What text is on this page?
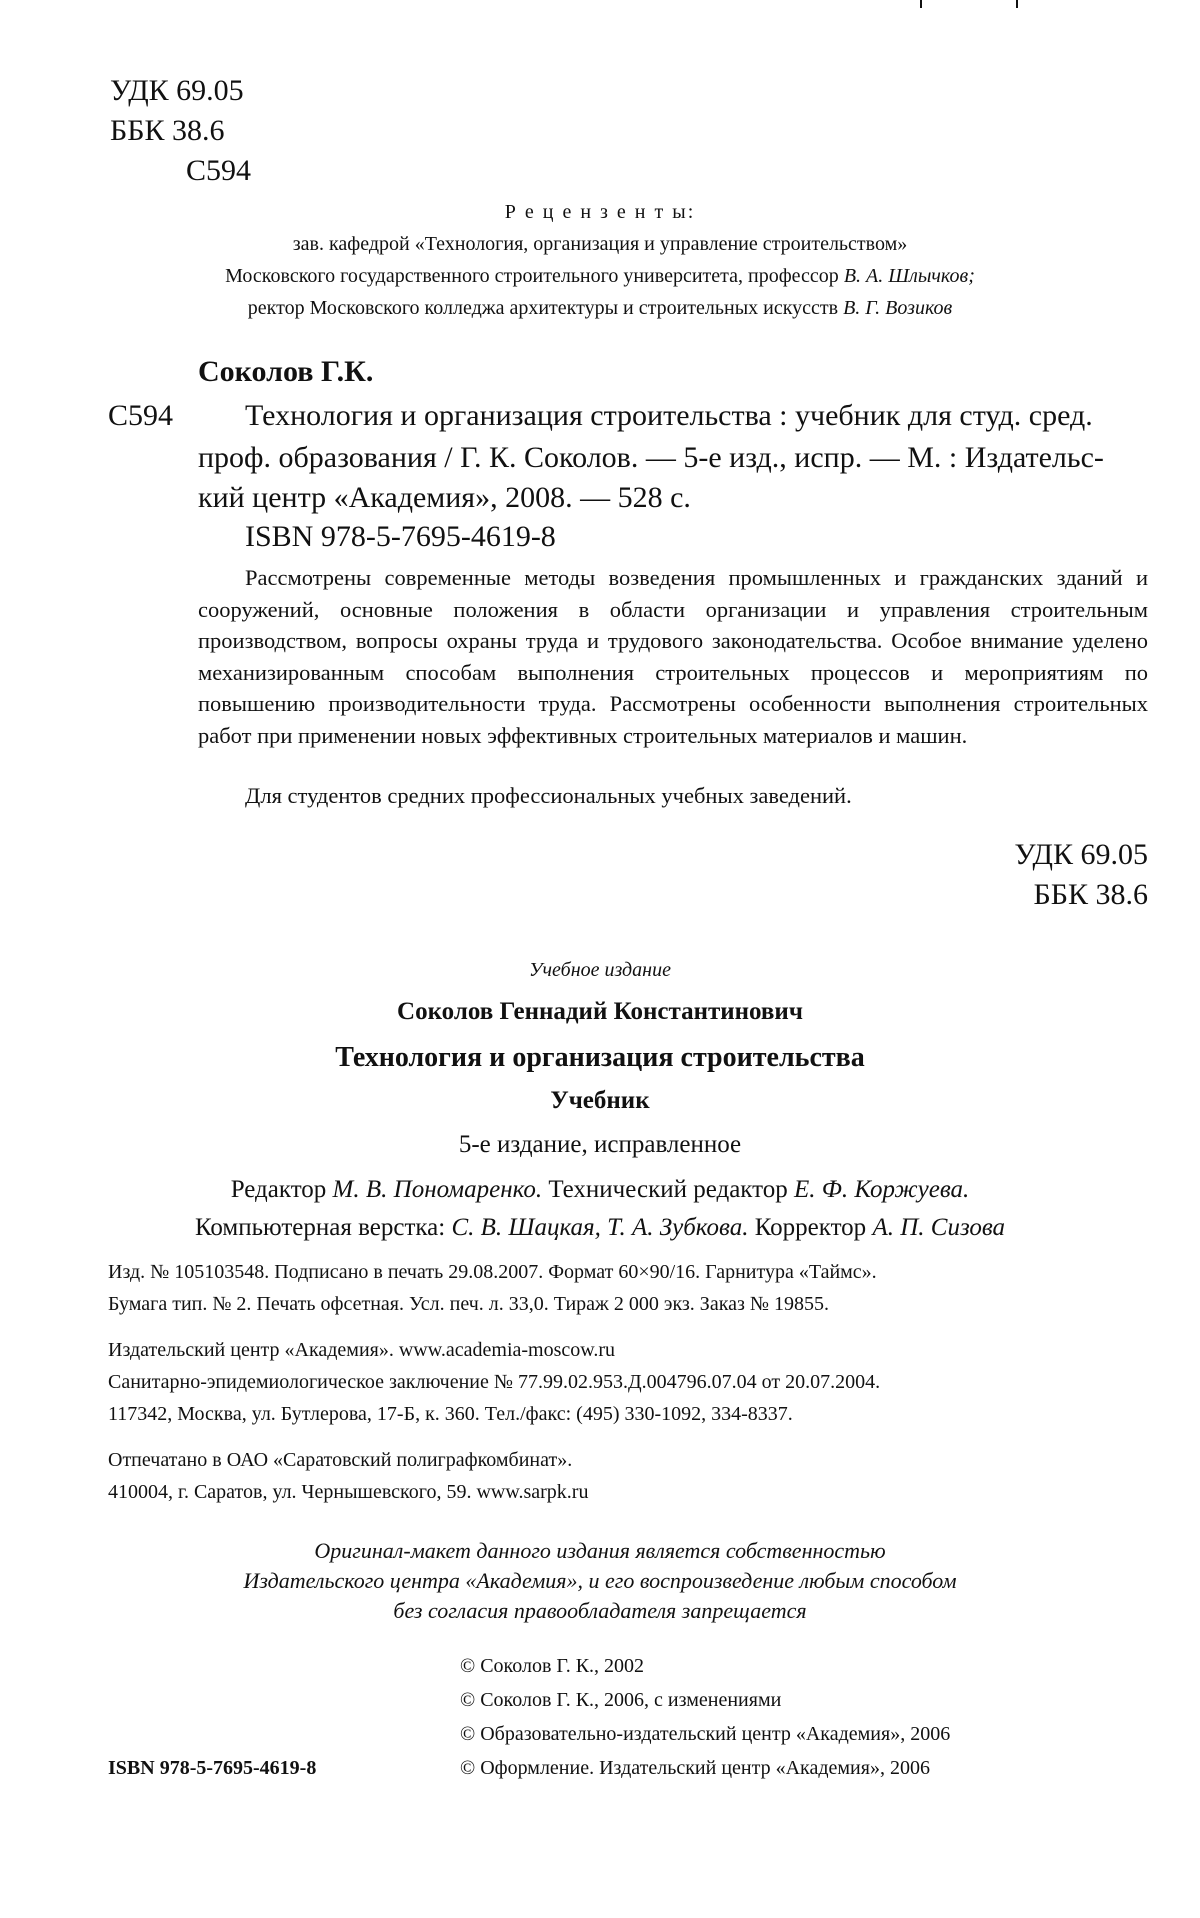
УДК 69.05
ББК 38.6
С594
Р е ц е н з е н т ы:
зав. кафедрой «Технология, организация и управление строительством»
Московского государственного строительного университета, профессор В. А. Шлычков;
ректор Московского колледжа архитектуры и строительных искусств В. Г. Возиков
Соколов Г.К.
С594 Технология и организация строительства : учебник для студ. сред.
проф. образования / Г. К. Соколов. — 5-е изд., испр. — М. : Издательс-
кий центр «Академия», 2008. — 528 с.
ISBN 978-5-7695-4619-8
Рассмотрены современные методы возведения промышленных и гражданских зданий и сооружений, основные положения в области организации и управления строительным производством, вопросы охраны труда и трудового законодательства. Особое внимание уделено механизированным способам выполнения строительных процессов и мероприятиям по повышению производительности труда. Рассмотрены особенности выполнения строительных работ при применении новых эффективных строительных материалов и машин.
Для студентов средних профессиональных учебных заведений.
УДК 69.05
ББК 38.6
Учебное издание
Соколов Геннадий Константинович
Технология и организация строительства
Учебник
5-е издание, исправленное
Редактор М. В. Пономаренко. Технический редактор Е. Ф. Коржуева.
Компьютерная верстка: С. В. Шацкая, Т. А. Зубкова. Корректор А. П. Сизова
Изд. № 105103548. Подписано в печать 29.08.2007. Формат 60×90/16. Гарнитура «Таймс».
Бумага тип. № 2. Печать офсетная. Усл. печ. л. 33,0. Тираж 2 000 экз. Заказ № 19855.
Издательский центр «Академия». www.academia-moscow.ru
Санитарно-эпидемиологическое заключение № 77.99.02.953.Д.004796.07.04 от 20.07.2004.
117342, Москва, ул. Бутлерова, 17-Б, к. 360. Тел./факс: (495) 330-1092, 334-8337.
Отпечатано в ОАО «Саратовский полиграфкомбинат».
410004, г. Саратов, ул. Чернышевского, 59. www.sarpk.ru
Оригинал-макет данного издания является собственностью
Издательского центра «Академия», и его воспроизведение любым способом
без согласия правообладателя запрещается
© Соколов Г. К., 2002
© Соколов Г. К., 2006, с изменениями
© Образовательно-издательский центр «Академия», 2006
© Оформление. Издательский центр «Академия», 2006
ISBN 978-5-7695-4619-8
